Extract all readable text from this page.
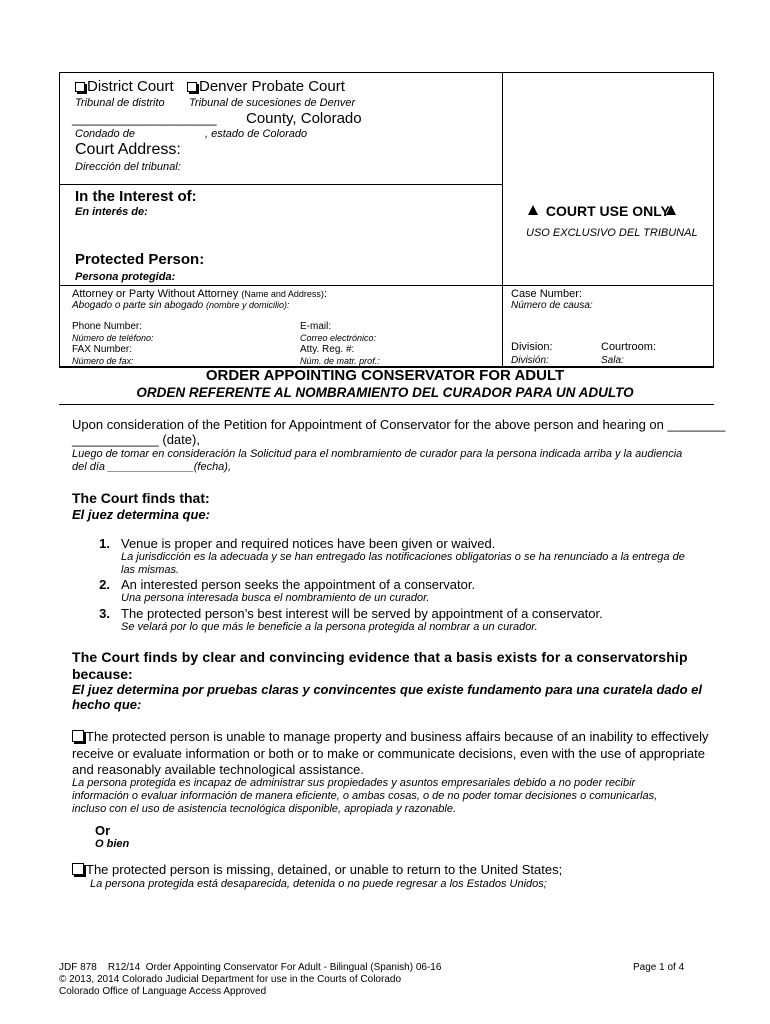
District Court	Denver Probate Court
Tribunal de distrito Tribunal de sucesiones de Denver
____________________ County, Colorado
Condado de	, estado de Colorado
Court Address:
Dirección del tribunal:
In the Interest of:
En interés de:
Protected Person:
Persona protegida:
COURT USE ONLY
USO EXCLUSIVO DEL TRIBUNAL
Attorney or Party Without Attorney (Name and Address):
Abogado o parte sin abogado (nombre y domicilio):
Phone Number:
Número de teléfono:
E-mail:
Correo electrónico:
FAX Number:
Número de fax:
Atty. Reg. #:
Núm. de matr. prof.:
Case Number:
Número de causa:
Division:
División:
Courtroom:
Sala:
ORDER APPOINTING CONSERVATOR FOR ADULT
ORDEN REFERENTE AL NOMBRAMIENTO DEL CURADOR PARA UN ADULTO
Upon consideration of the Petition for Appointment of Conservator for the above person and hearing on ________
____________ (date),
Luego de tomar en consideración la Solicitud para el nombramiento de curador para la persona indicada arriba y la audiencia
del día ______________(fecha),
The Court finds that:
El juez determina que:
1. Venue is proper and required notices have been given or waived.
La jurisdicción es la adecuada y se han entregado las notificaciones obligatorias o se ha renunciado a la entrega de
las mismas.
2. An interested person seeks the appointment of a conservator.
Una persona interesada busca el nombramiento de un curador.
3. The protected person’s best interest will be served by appointment of a conservator.
Se velará por lo que más le beneficie a la persona protegida al nombrar a un curador.
The Court finds by clear and convincing evidence that a basis exists for a conservatorship
because:
El juez determina por pruebas claras y convincentes que existe fundamento para una curatela dado el
hecho que:
The protected person is unable to manage property and business affairs because of an inability to effectively
receive or evaluate information or both or to make or communicate decisions, even with the use of appropriate
and reasonably available technological assistance.
La persona protegida es incapaz de administrar sus propiedades y asuntos empresariales debido a no poder recibir
información o evaluar información de manera eficiente, o ambas cosas, o de no poder tomar decisiones o comunicarlas,
incluso con el uso de asistencia tecnológica disponible, apropiada y razonable.
Or
O bien
The protected person is missing, detained, or unable to return to the United States;
La persona protegida está desaparecida, detenida o no puede regresar a los Estados Unidos;
JDF 878    R12/14  Order Appointing Conservator For Adult - Bilingual (Spanish) 06-16
© 2013, 2014 Colorado Judicial Department for use in the Courts of Colorado
Colorado Office of Language Access Approved
Page 1 of 4
